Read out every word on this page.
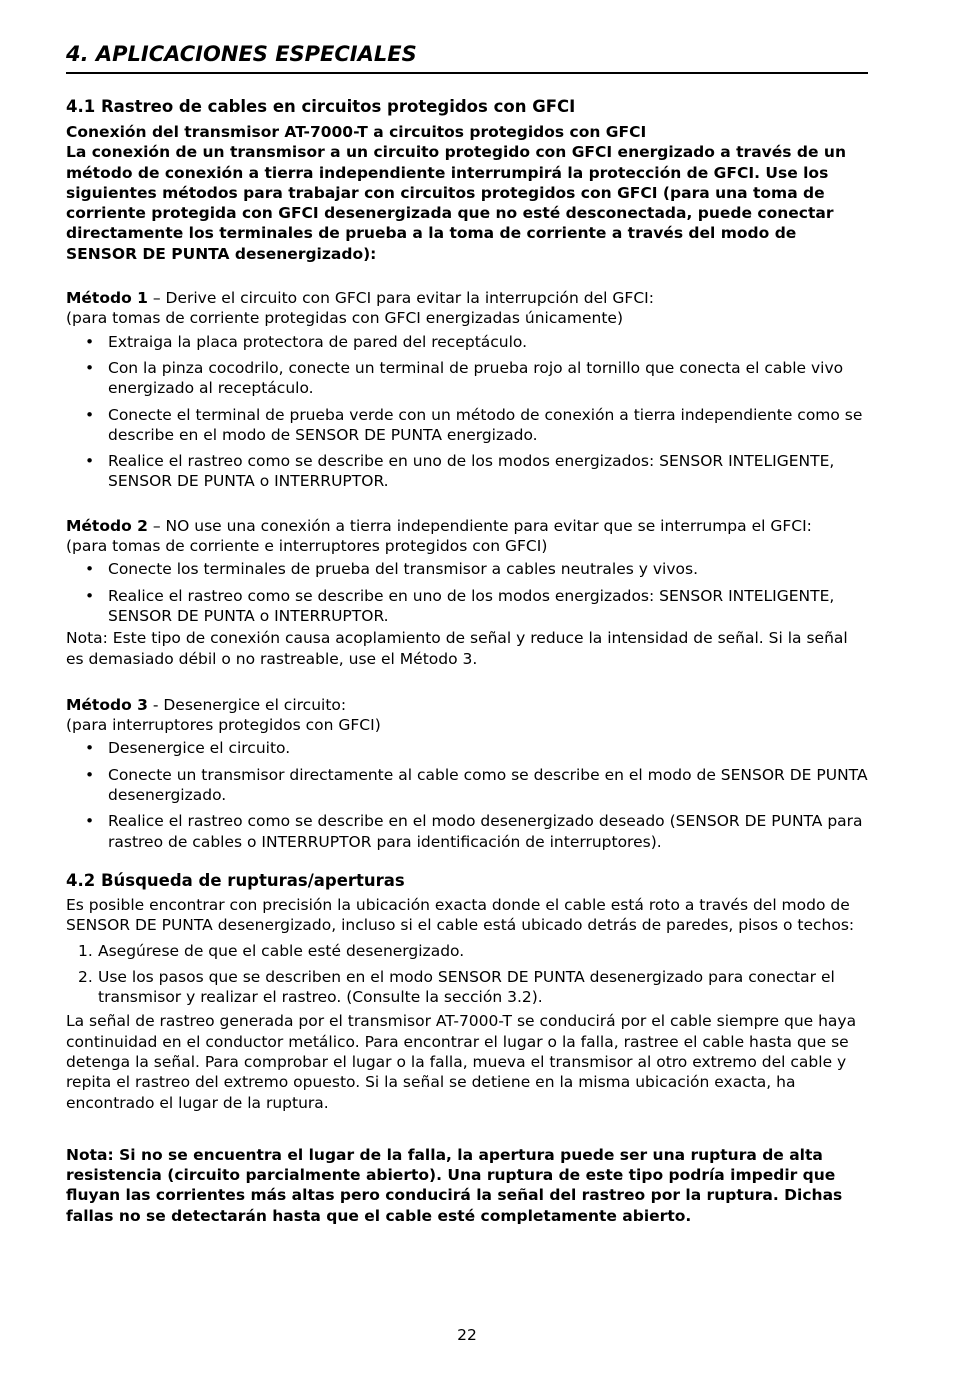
4. APLICACIONES ESPECIALES
4.1 Rastreo de cables en circuitos protegidos con GFCI

Conexión del transmisor AT-7000-T a circuitos protegidos con GFCI

La conexión de un transmisor a un circuito protegido con GFCI energizado a través de un método de conexión a tierra independiente interrumpirá la protección de GFCI. Use los siguientes métodos para trabajar con circuitos protegidos con GFCI (para una toma de corriente protegida con GFCI desenergizada que no esté desconectada, puede conectar directamente los terminales de prueba a la toma de corriente a través del modo de SENSOR DE PUNTA desenergizado):

Método 1 – Derive el circuito con GFCI para evitar la interrupción del GFCI:

(para tomas de corriente protegidas con GFCI energizadas únicamente)

• Extraiga la placa protectora de pared del receptáculo.
• Con la pinza cocodrilo, conecte un terminal de prueba rojo al tornillo que conecta el cable vivo energizado al receptáculo.
• Conecte el terminal de prueba verde con un método de conexión a tierra independiente como se describe en el modo de SENSOR DE PUNTA energizado.
• Realice el rastreo como se describe en uno de los modos energizados: SENSOR INTELIGENTE, SENSOR DE PUNTA o INTERRUPTOR.

Método 2 – NO use una conexión a tierra independiente para evitar que se interrumpa el GFCI:

(para tomas de corriente e interruptores protegidos con GFCI)

• Conecte los terminales de prueba del transmisor a cables neutrales y vivos.
• Realice el rastreo como se describe en uno de los modos energizados: SENSOR INTELIGENTE, SENSOR DE PUNTA o INTERRUPTOR.

Nota: Este tipo de conexión causa acoplamiento de señal y reduce la intensidad de señal. Si la señal es demasiado débil o no rastreable, use el Método 3.

Método 3 - Desenergice el circuito:

(para interruptores protegidos con GFCI)

• Desenergice el circuito.
• Conecte un transmisor directamente al cable como se describe en el modo de SENSOR DE PUNTA desenergizado.
• Realice el rastreo como se describe en el modo desenergizado deseado (SENSOR DE PUNTA para rastreo de cables o INTERRUPTOR para identificación de interruptores).
4.2 Búsqueda de rupturas/aperturas

Es posible encontrar con precisión la ubicación exacta donde el cable está roto a través del modo de SENSOR DE PUNTA desenergizado, incluso si el cable está ubicado detrás de paredes, pisos o techos:

1. Asegúrese de que el cable esté desenergizado.
2. Use los pasos que se describen en el modo SENSOR DE PUNTA desenergizado para conectar el transmisor y realizar el rastreo. (Consulte la sección 3.2).

La señal de rastreo generada por el transmisor AT-7000-T se conducirá por el cable siempre que haya continuidad en el conductor metálico. Para encontrar el lugar o la falla, rastree el cable hasta que se detenga la señal. Para comprobar el lugar o la falla, mueva el transmisor al otro extremo del cable y repita el rastreo del extremo opuesto. Si la señal se detiene en la misma ubicación exacta, ha encontrado el lugar de la ruptura.

Nota: Si no se encuentra el lugar de la falla, la apertura puede ser una ruptura de alta resistencia (circuito parcialmente abierto). Una ruptura de este tipo podría impedir que fluyan las corrientes más altas pero conducirá la señal del rastreo por la ruptura. Dichas fallas no se detectarán hasta que el cable esté completamente abierto.

22
